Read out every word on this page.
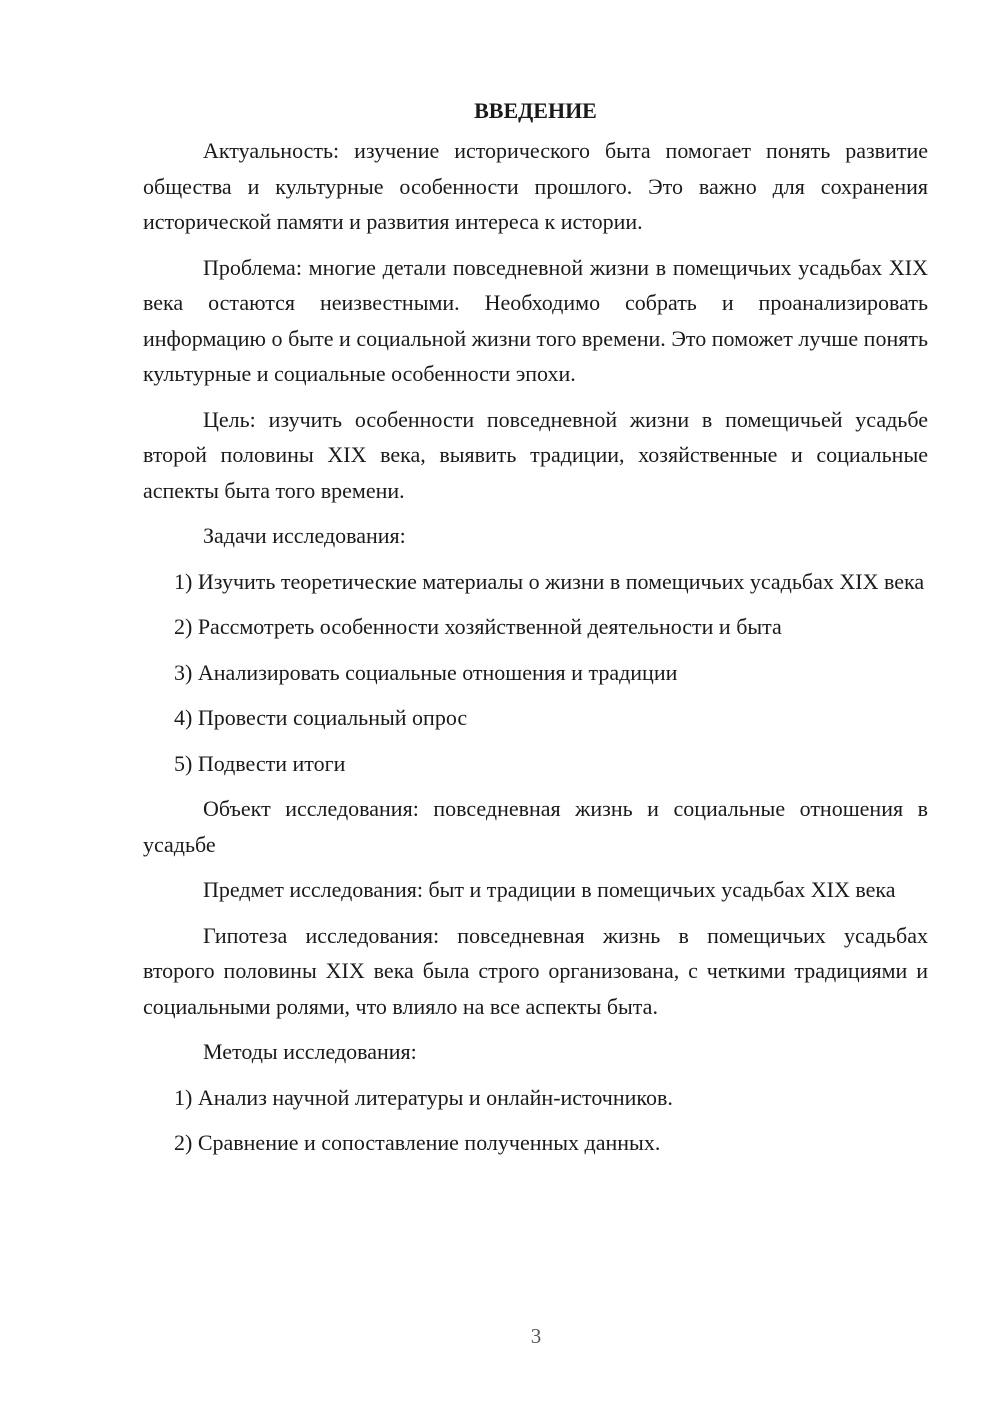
ВВЕДЕНИЕ

Актуальность: изучение исторического быта помогает понять развитие общества и культурные особенности прошлого. Это важно для сохранения исторической памяти и развития интереса к истории.

Проблема: многие детали повседневной жизни в помещичьих усадьбах XIX века остаются неизвестными. Необходимо собрать и проанализировать информацию о быте и социальной жизни того времени. Это поможет лучше понять культурные и социальные особенности эпохи.

Цель: изучить особенности повседневной жизни в помещичьей усадьбе второй половины XIX века, выявить традиции, хозяйственные и социальные аспекты быта того времени.

Задачи исследования:

1) Изучить теоретические материалы о жизни в помещичьих усадьбах XIX века

2) Рассмотреть особенности хозяйственной деятельности и быта

3) Анализировать социальные отношения и традиции

4) Провести социальный опрос

5) Подвести итоги

Объект исследования: повседневная жизнь и социальные отношения в усадьбе

Предмет исследования: быт и традиции в помещичьих усадьбах XIX века

Гипотеза исследования: повседневная жизнь в помещичьих усадьбах второго половины XIX века была строго организована, с четкими традициями и социальными ролями, что влияло на все аспекты быта.

Методы исследования:

1) Анализ научной литературы и онлайн-источников.

2) Сравнение и сопоставление полученных данных.

3
